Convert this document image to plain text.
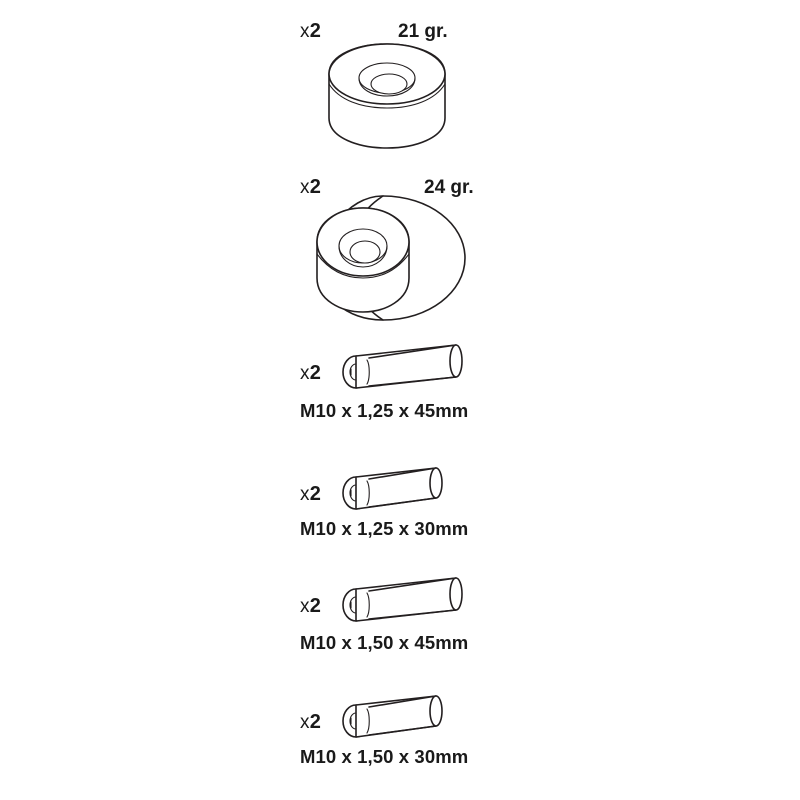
x2	21 gr.
x2	24 gr.
x2
M10 x 1,25 x 45mm
x2
M10 x 1,25 x 30mm
x2
M10 x 1,50 x 45mm
x2
M10 x 1,50 x 30mm
